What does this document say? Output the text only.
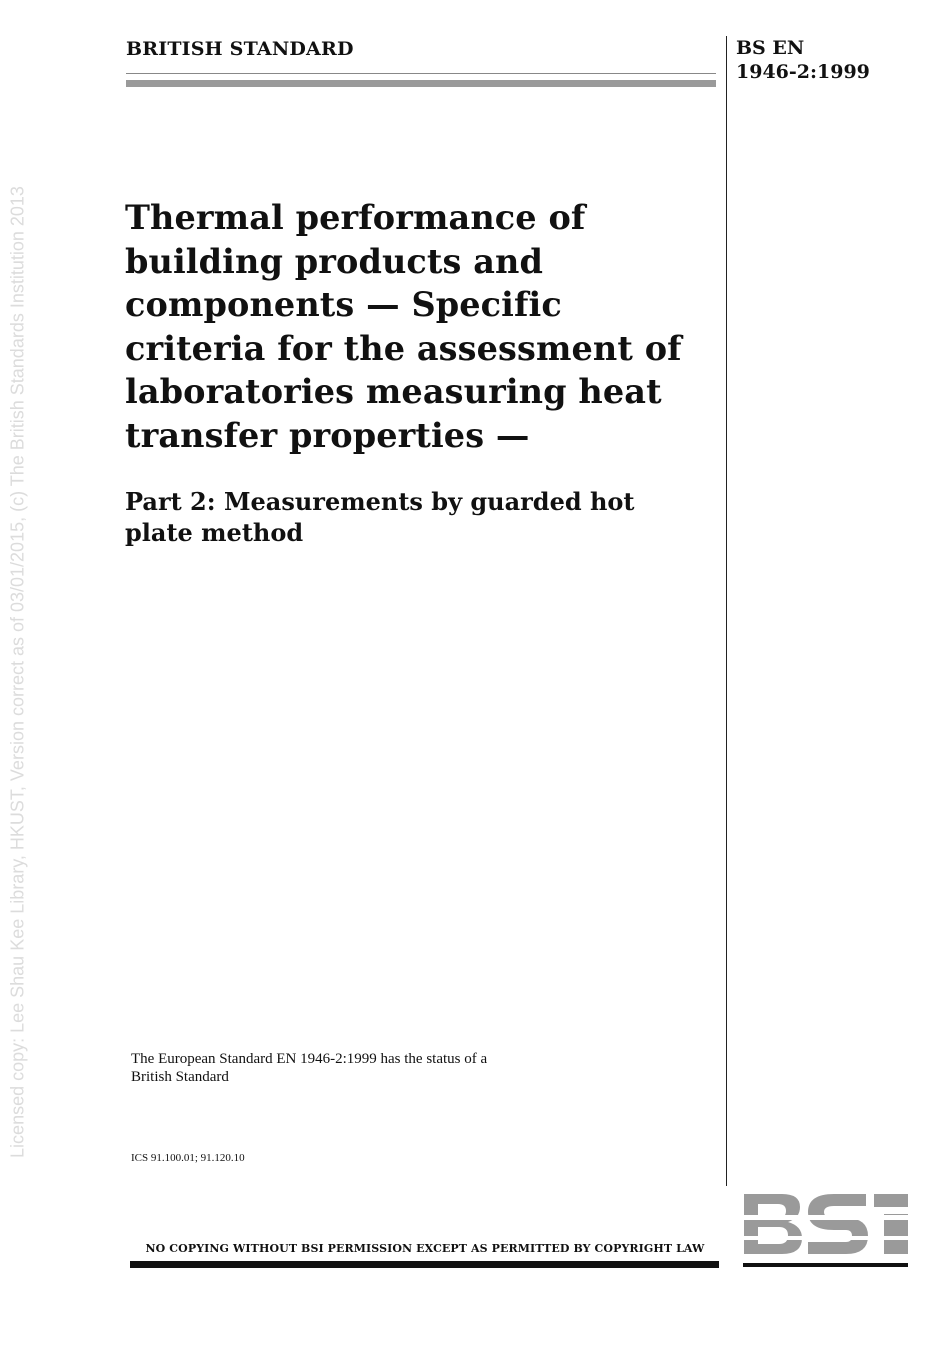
Licensed copy: Lee Shau Kee Library, HKUST, Version correct as of 03/01/2015, (c) The British Standards Institution 2013
BRITISH STANDARD	BS EN
1946-2:1999
Thermal performance of
building products and
components — Specific
criteria for the assessment of
laboratories measuring heat
transfer properties —
Part 2: Measurements by guarded hot
plate method
The European Standard EN 1946-2:1999 has the status of a
British Standard
ICS 91.100.01; 91.120.10
NO COPYING WITHOUT BSI PERMISSION EXCEPT AS PERMITTED BY COPYRIGHT LAW
